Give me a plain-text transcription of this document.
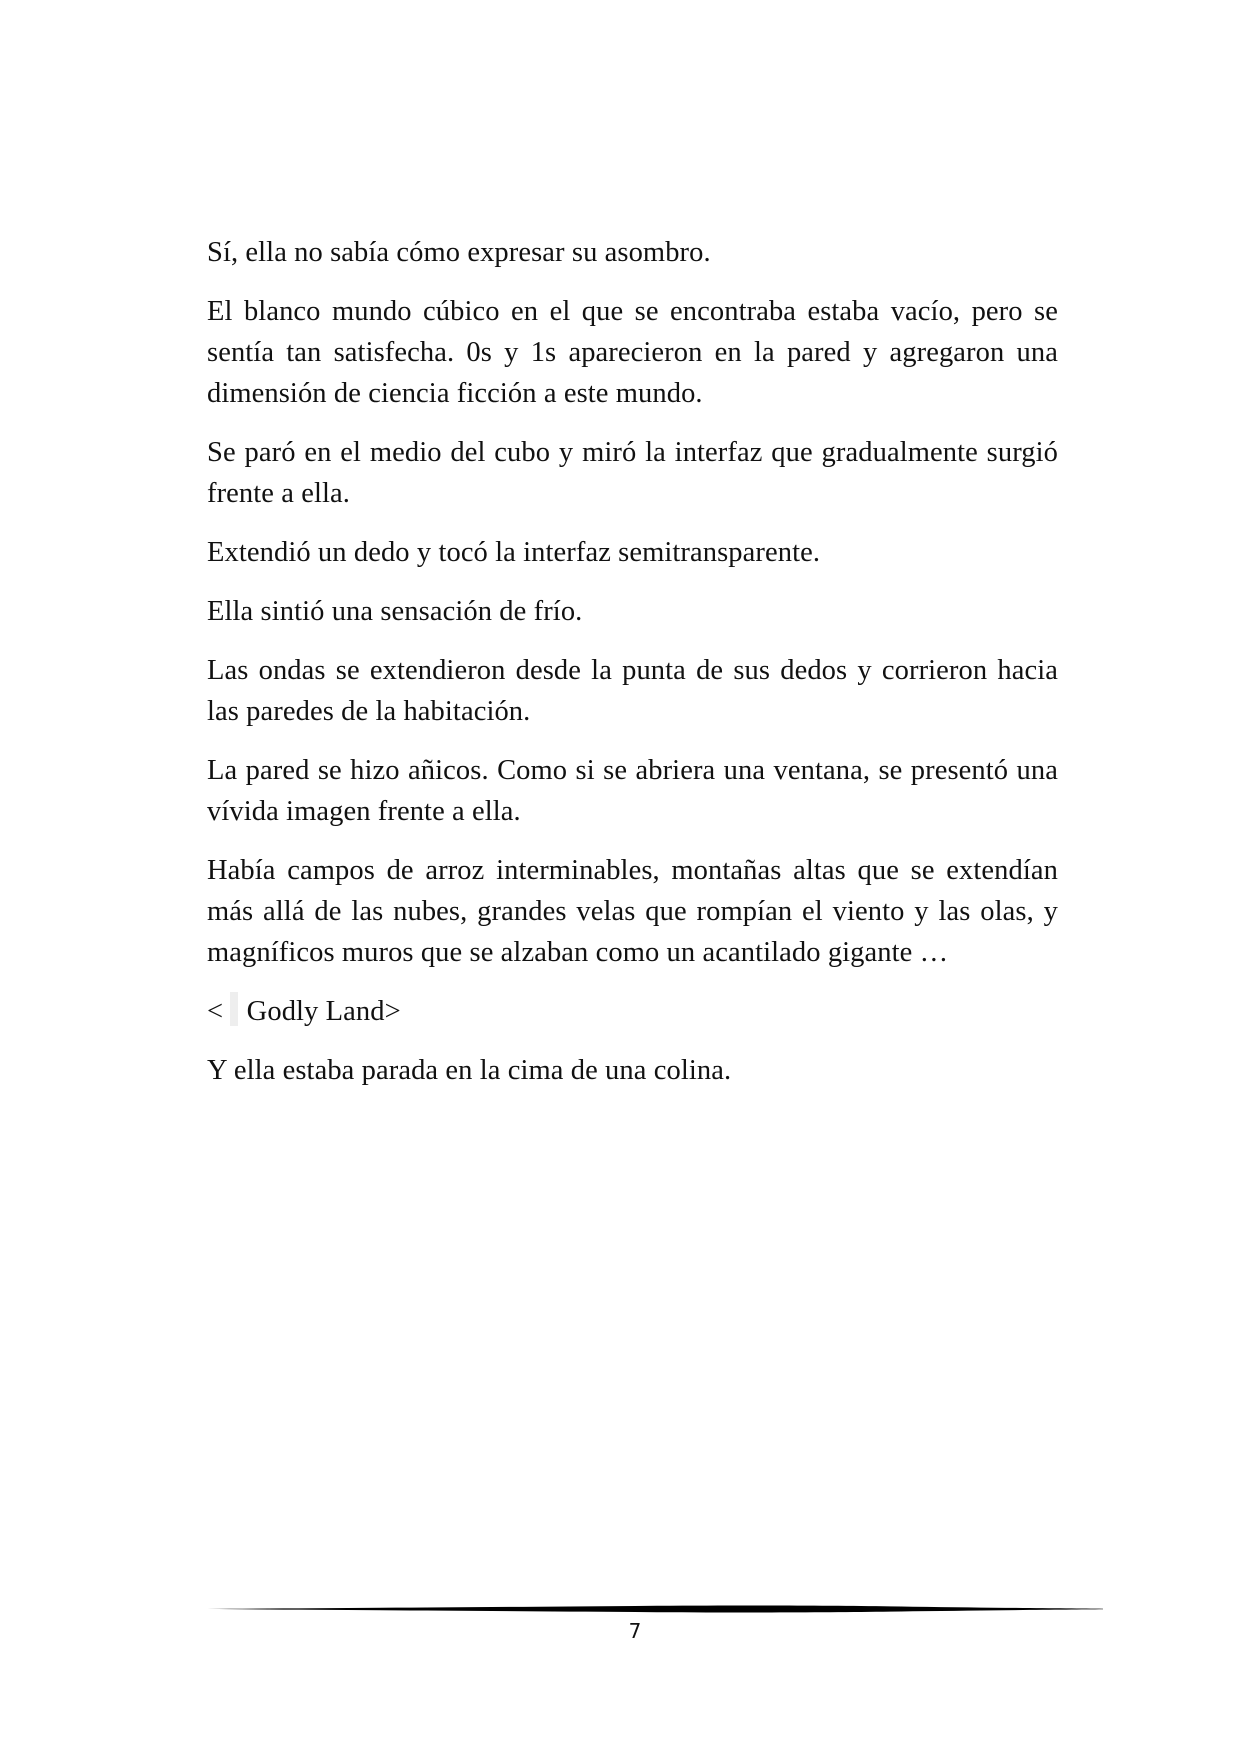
Sí, ella no sabía cómo expresar su asombro.

El blanco mundo cúbico en el que se encontraba estaba vacío, pero se sentía tan satisfecha. 0s y 1s aparecieron en la pared y agregaron una dimensión de ciencia ficción a este mundo.

Se paró en el medio del cubo y miró la interfaz que gradualmente surgió frente a ella.

Extendió un dedo y tocó la interfaz semitransparente.

Ella sintió una sensación de frío.

Las ondas se extendieron desde la punta de sus dedos y corrieron hacia las paredes de la habitación.

La pared se hizo añicos. Como si se abriera una ventana, se presentó una vívida imagen frente a ella.

Había campos de arroz interminables, montañas altas que se extendían más allá de las nubes, grandes velas que rompían el viento y las olas, y magníficos muros que se alzaban como un acantilado gigante …

< Godly Land>

Y ella estaba parada en la cima de una colina.

7
